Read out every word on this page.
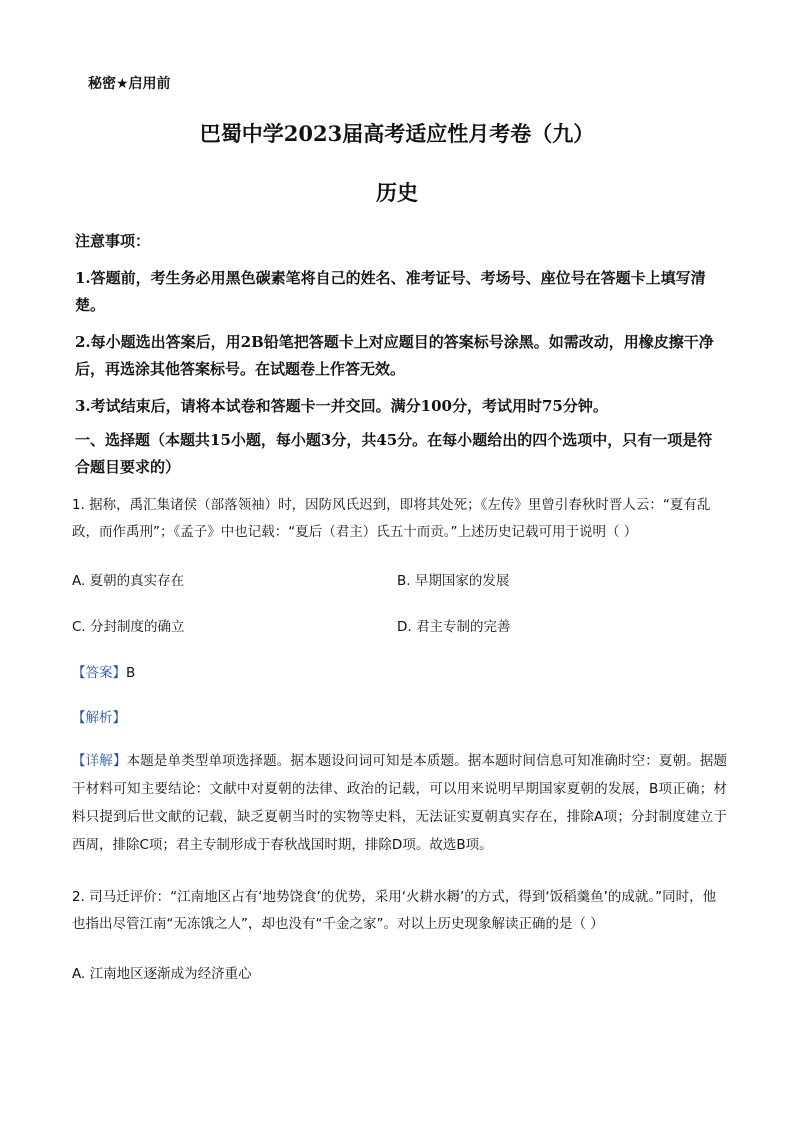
秘密★启用前
巴蜀中学2023届高考适应性月考卷（九）
历史

注意事项：

1.答题前，考生务必用黑色碳素笔将自己的姓名、准考证号、考场号、座位号在答题卡上填写清楚。

2.每小题选出答案后，用2B铅笔把答题卡上对应题目的答案标号涂黑。如需改动，用橡皮擦干净后，再选涂其他答案标号。在试题卷上作答无效。

3.考试结束后，请将本试卷和答题卡一并交回。满分100分，考试用时75分钟。

一、选择题（本题共15小题，每小题3分，共45分。在每小题给出的四个选项中，只有一项是符合题目要求的）

1. 据称，禹汇集诸侯（部落领袖）时，因防风氏迟到，即将其处死；《左传》里曾引春秋时晋人云：“夏有乱政，而作禹刑”；《孟子》中也记载：“夏后（君主）氏五十而贡。”上述历史记载可用于说明（ ）

A. 夏朝的真实存在	B. 早期国家的发展
C. 分封制度的确立	D. 君主专制的完善
【答案】B
【解析】

【详解】本题是单类型单项选择题。据本题设问词可知是本质题。据本题时间信息可知准确时空：夏朝。据题干材料可知主要结论：文献中对夏朝的法律、政治的记载，可以用来说明早期国家夏朝的发展，B项正确；材料只提到后世文献的记载，缺乏夏朝当时的实物等史料，无法证实夏朝真实存在，排除A项；分封制度建立于西周，排除C项；君主专制形成于春秋战国时期，排除D项。故选B项。

2. 司马迁评价：“江南地区占有‘地势饶食’的优势，采用‘火耕水耨’的方式，得到‘饭稻羹鱼’的成就。”同时，他也指出尽管江南“无冻饿之人”，却也没有“千金之家”。对以上历史现象解读正确的是（ ）

A. 江南地区逐渐成为经济重心
